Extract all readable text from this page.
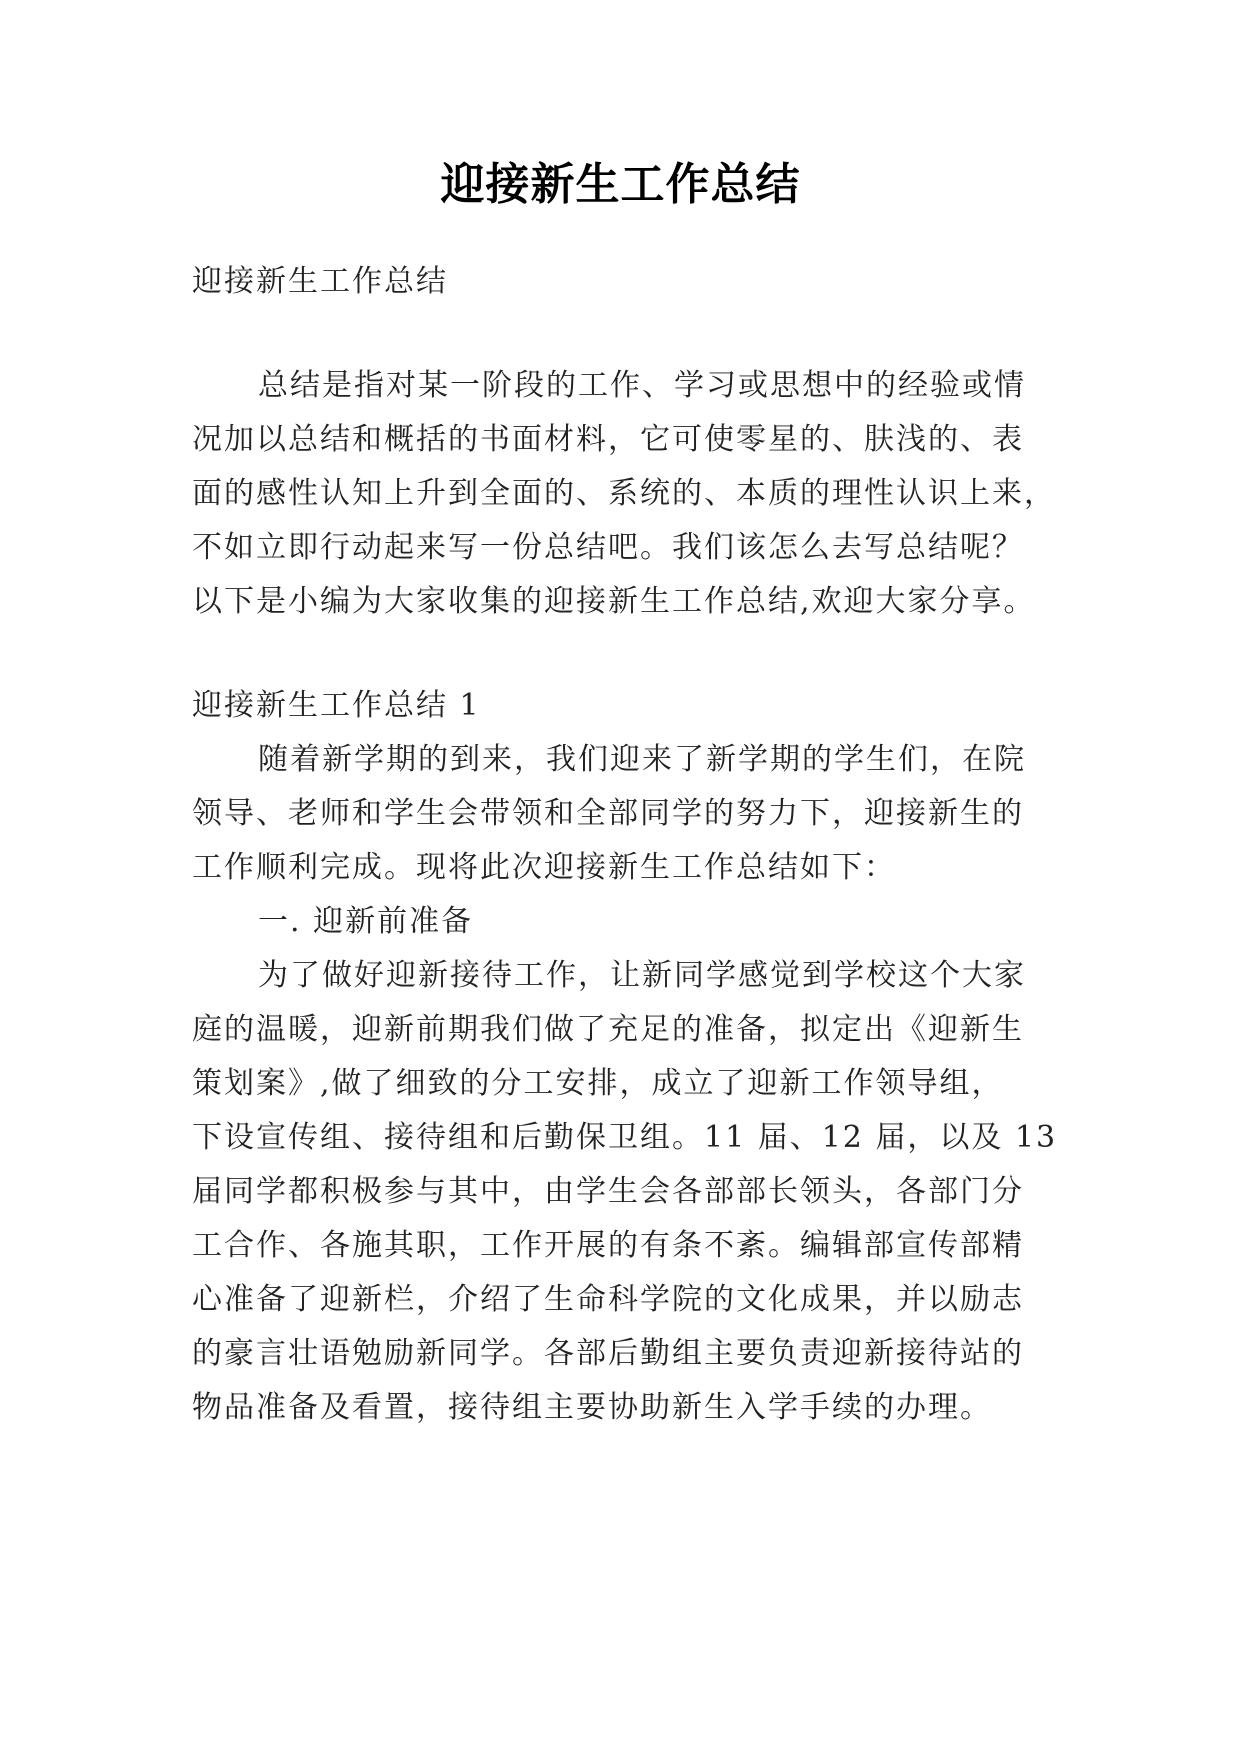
迎接新生工作总结

迎接新生工作总结

总结是指对某一阶段的工作、学习或思想中的经验或情

况加以总结和概括的书面材料，它可使零星的、肤浅的、表

面的感性认知上升到全面的、系统的、本质的理性认识上来，

不如立即行动起来写一份总结吧。我们该怎么去写总结呢？

以下是小编为大家收集的迎接新生工作总结,欢迎大家分享。

迎接新生工作总结 1

随着新学期的到来，我们迎来了新学期的学生们，在院

领导、老师和学生会带领和全部同学的努力下，迎接新生的

工作顺利完成。现将此次迎接新生工作总结如下：

一. 迎新前准备

为了做好迎新接待工作，让新同学感觉到学校这个大家

庭的温暖，迎新前期我们做了充足的准备，拟定出《迎新生

策划案》,做了细致的分工安排，成立了迎新工作领导组，

下设宣传组、接待组和后勤保卫组。11 届、12 届，以及 13

届同学都积极参与其中，由学生会各部部长领头，各部门分

工合作、各施其职，工作开展的有条不紊。编辑部宣传部精

心准备了迎新栏，介绍了生命科学院的文化成果，并以励志

的豪言壮语勉励新同学。各部后勤组主要负责迎新接待站的

物品准备及看置，接待组主要协助新生入学手续的办理。
